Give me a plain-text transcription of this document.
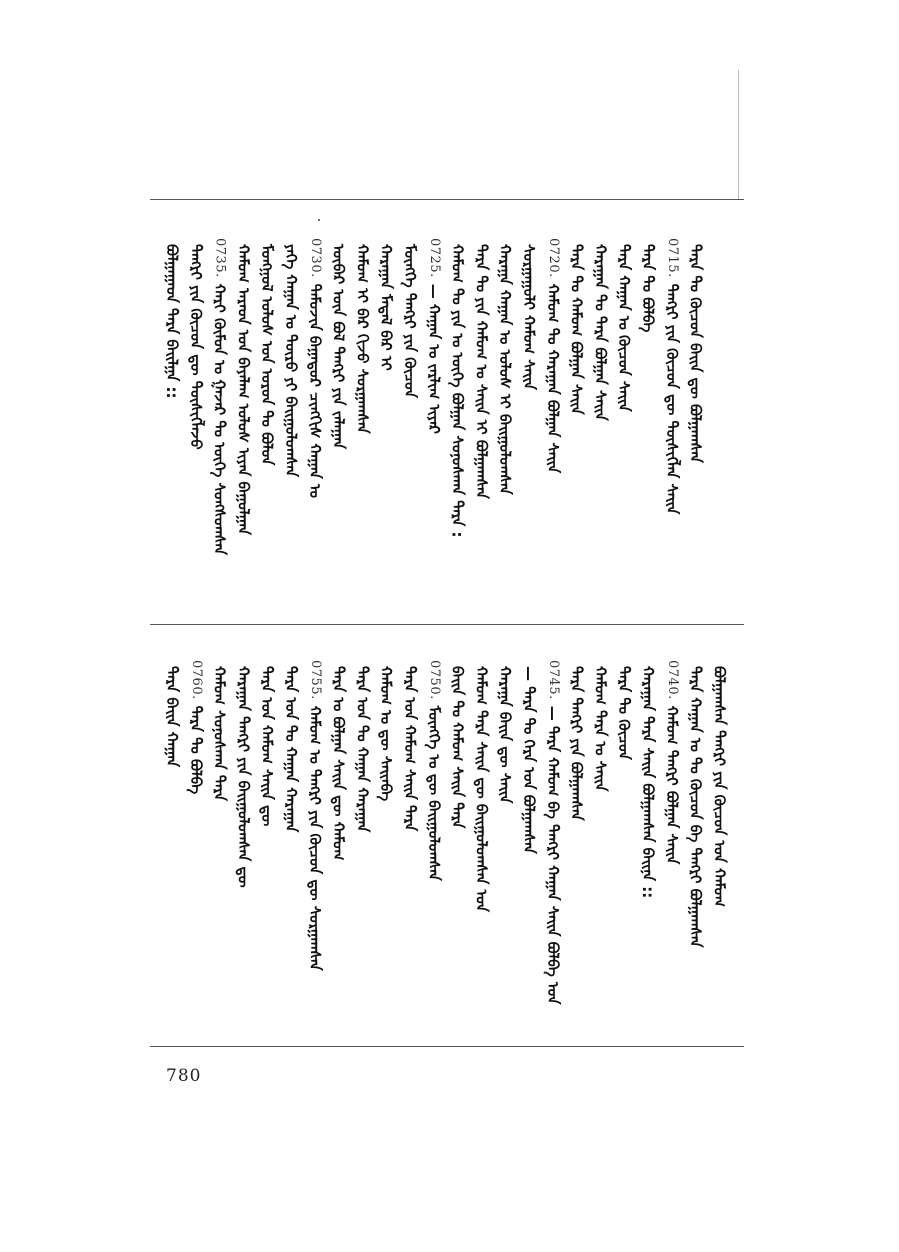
ᠪᠣᠯᠭᠠᠭᠠᠳ ᠲᠡᠷᠡ ᠪᠠᠢᠯᠭᠠ :: ᠲᠡᠩᠷᠢ ᠶᠢᠨ ᠬᠦᠴᠦᠨ ᠳᠦ ᠲᠦᠰᠢᠭᠯᠡᠵᠦ 0735.ᠬᠠᠷᠢ ᠬᠦᠮᠦᠨ ᠤ ᠭᠠᠵᠠᠷ ᠲᠤ ᠦᠭᠡ ᠰᠣᠩᠰᠣᠭᠰᠠᠨ ᠬᠠᠮᠤᠭ ᠠᠷᠠᠳ ᠤᠨ ᠪᠠᠶᠠᠯᠠᠭ ᠤᠯᠤᠰ ᠢᠶᠠᠨ ᠪᠠᠭᠤᠯᠭᠠᠨ ᠮᠣᠩᠭᠣᠯ ᠤᠯᠤᠰ ᠤᠨ ᠣᠷᠣᠨ ᠲᠤ ᠪᠣᠯᠤᠨ ᠶᠡᠬᠡ ᠬᠠᠭᠠᠨ ᠤ ᠲᠥᠷᠦ ᠶᠢ ᠪᠠᠢᠭᠤᠯᠤᠭᠰᠠᠨ 0730.ᠲᠡᠮᠦᠵᠢᠨ ᠪᠠᠭᠠᠲᠤᠷ ᠴᠢᠩᠭᠢᠰ ᠬᠠᠭᠠᠨ ᠤ ᠥᠪᠡᠷ ᠦᠨ ᠪᠣᠯ ᠲᠡᠩᠷᠢ ᠶᠢᠨ ᠵᠠᠯᠠᠭᠠᠨ ᠬᠠᠮᠤᠭ ᠢ ᠪᠠᠷ ᠬᠢᠵᠦ ᠰᠤᠷᠭᠠᠭᠰᠠᠨ ᠬᠠᠷᠠᠭᠠᠨ ᠮᠡᠳᠡᠯ ᠪᠡᠷ ᠢ ᠮᠥᠩᠬᠡ ᠲᠡᠩᠷᠢ ᠶᠢᠨ ᠬᠦᠴᠦᠨ 0725.— ᠬᠠᠭᠠᠨ ᠤ ᠵᠠᠷᠯᠢᠭ ᠢᠶᠠᠷ ᠬᠠᠮᠤᠭ ᠲᠤ ᠶᠢᠨ ᠤ ᠦᠭᠡ ᠪᠣᠯᠭᠠᠨ ᠰᠣᠨᠣᠰᠬᠠᠨ ᠲᠡᠷᠡ : ᠲᠡᠷᠡ ᠲᠤ ᠶᠢᠨ ᠬᠠᠮᠤᠭ ᠤ ᠰᠠᠢᠨ ᠢ ᠪᠣᠯᠭᠠᠭᠰᠠᠨ ᠬᠠᠷᠠᠭᠠ ᠬᠠᠭᠠᠨ ᠤ ᠤᠯᠤᠰ ᠢ ᠪᠠᠢᠭᠤᠯᠤᠭᠰᠠᠨ ᠰᠤᠷᠭᠠᠭᠤᠯᠢ ᠬᠠᠮᠤᠭ ᠰᠠᠢᠨ 0720.ᠬᠠᠮᠤᠭ ᠲᠤ ᠬᠠᠷᠠᠭᠠᠨ ᠪᠣᠯᠭᠠᠨ ᠰᠠᠢᠨ ᠲᠡᠷᠡ ᠲᠤ ᠬᠠᠮᠤᠭ ᠪᠣᠯᠭᠠᠨ ᠰᠠᠢᠨ ᠬᠠᠷᠠᠭᠠᠨ ᠲᠤ ᠲᠡᠷᠡ ᠪᠣᠯᠭᠠᠨ ᠰᠠᠢᠨ ᠲᠡᠷᠡ ᠬᠠᠭᠠᠨ ᠤ ᠬᠦᠴᠦᠨ ᠰᠠᠢᠨ ᠲᠡᠷᠡ ᠲᠤ ᠪᠣᠯᠪᠠ 0715.ᠲᠡᠩᠷᠢ ᠶᠢᠨ ᠬᠦᠴᠦᠨ ᠳᠦ ᠲᠦᠰᠢᠭᠯᠡᠨ ᠰᠠᠢᠨ ᠲᠡᠷᠡ ᠲᠤ ᠬᠦᠴᠦᠨ ᠪᠠᠢᠨ ᠳᠦ ᠪᠣᠯᠭᠠᠭᠰᠠᠨ
ᠲᠡᠷᠡ ᠪᠠᠢᠨ ᠬᠠᠭᠠᠨ 0760.ᠲᠡᠷᠡ ᠲᠤ ᠪᠣᠯᠪᠠ ᠬᠠᠮᠤᠭ ᠰᠣᠨᠣᠰᠬᠠᠨ ᠲᠡᠷᠡ ᠬᠠᠷᠠᠭᠠᠨ ᠲᠡᠩᠷᠢ ᠶᠢᠨ ᠪᠠᠢᠭᠤᠯᠤᠭᠰᠠᠨ ᠳᠦ ᠲᠡᠷᠡ ᠤᠨ ᠬᠠᠮᠤᠭ ᠰᠠᠢᠨ ᠳᠦ ᠲᠡᠷᠡ ᠤᠨ ᠲᠤ ᠬᠠᠭᠠᠨ ᠬᠠᠷᠠᠭᠠᠨ 0755.ᠬᠠᠮᠤᠭ ᠤ ᠲᠡᠩᠷᠢ ᠶᠢᠨ ᠬᠦᠴᠦᠨ ᠳᠦ ᠰᠤᠷᠭᠠᠭᠰᠠᠨ ᠲᠡᠷᠡ ᠤ ᠪᠣᠯᠭᠠᠨ ᠰᠠᠢᠨ ᠳᠦ ᠬᠠᠮᠤᠭ ᠲᠡᠷᠡ ᠤᠨ ᠲᠤ ᠬᠠᠭᠠᠨ ᠬᠠᠷᠠᠭᠠᠨ ᠬᠠᠮᠤᠭ ᠤ ᠳᠦ ᠰᠠᠢᠨᠪᠠ ᠲᠡᠷᠡ ᠤᠨ ᠬᠠᠮᠤᠭ ᠰᠠᠢᠨ ᠲᠡᠷᠡ 0750.ᠮᠥᠩᠬᠡ ᠤ ᠳᠦ ᠪᠠᠢᠭᠤᠯᠤᠭᠰᠠᠨ ᠪᠠᠢᠨ ᠲᠤ ᠬᠠᠮᠤᠭ ᠰᠠᠢᠨ ᠲᠡᠷᠡ ᠬᠠᠮᠤᠭ ᠲᠡᠷᠡ ᠰᠠᠢᠨ ᠳᠦ ᠪᠠᠢᠭᠤᠯᠤᠭᠰᠠᠨ ᠤᠨ ᠬᠠᠷᠠᠭᠠ ᠪᠠᠢᠨ ᠳᠦ ᠰᠠᠢᠨ — ᠲᠡᠷᠡ ᠲᠤ ᠬᠡᠷᠡ ᠤᠨ ᠪᠣᠯᠭᠠᠭᠰᠠᠨ 0745.— ᠲᠡᠷᠡ ᠬᠠᠮᠤᠭ ᠪᠡ ᠲᠡᠩᠷᠢ ᠬᠠᠭᠠᠨ ᠰᠠᠢᠨ ᠪᠣᠯᠪᠠ ᠤᠨ ᠲᠡᠷᠡ ᠲᠡᠩᠷᠢ ᠶᠢᠨ ᠪᠣᠯᠭᠠᠭᠰᠠᠨ ᠬᠠᠮᠤᠭ ᠲᠡᠷᠡ ᠤ ᠰᠠᠢᠨ ᠲᠡᠷᠡ ᠲᠤ ᠬᠦᠴᠦᠨ ᠬᠠᠷᠠᠭᠠᠨ ᠲᠡᠷᠡ ᠰᠠᠢᠨ ᠪᠣᠯᠭᠠᠭᠰᠠᠨ ᠪᠠᠢᠨᠠ :: 0740.ᠬᠠᠮᠤᠭ ᠲᠡᠩᠷᠢ ᠪᠣᠯᠭᠠᠨ ᠰᠠᠢᠨ ᠲᠡᠷᠡ ᠬᠠᠭᠠᠨ ᠤ ᠲᠤ ᠬᠦᠴᠦᠨ ᠪᠡ ᠲᠡᠩᠷᠢ ᠪᠣᠯᠭᠠᠭᠰᠠᠨ ᠪᠣᠯᠭᠠᠭᠰᠠᠨ ᠲᠡᠩᠷᠢ ᠶᠢᠨ ᠬᠦᠴᠦᠨ ᠤᠨ ᠬᠠᠮᠤᠭ
780
